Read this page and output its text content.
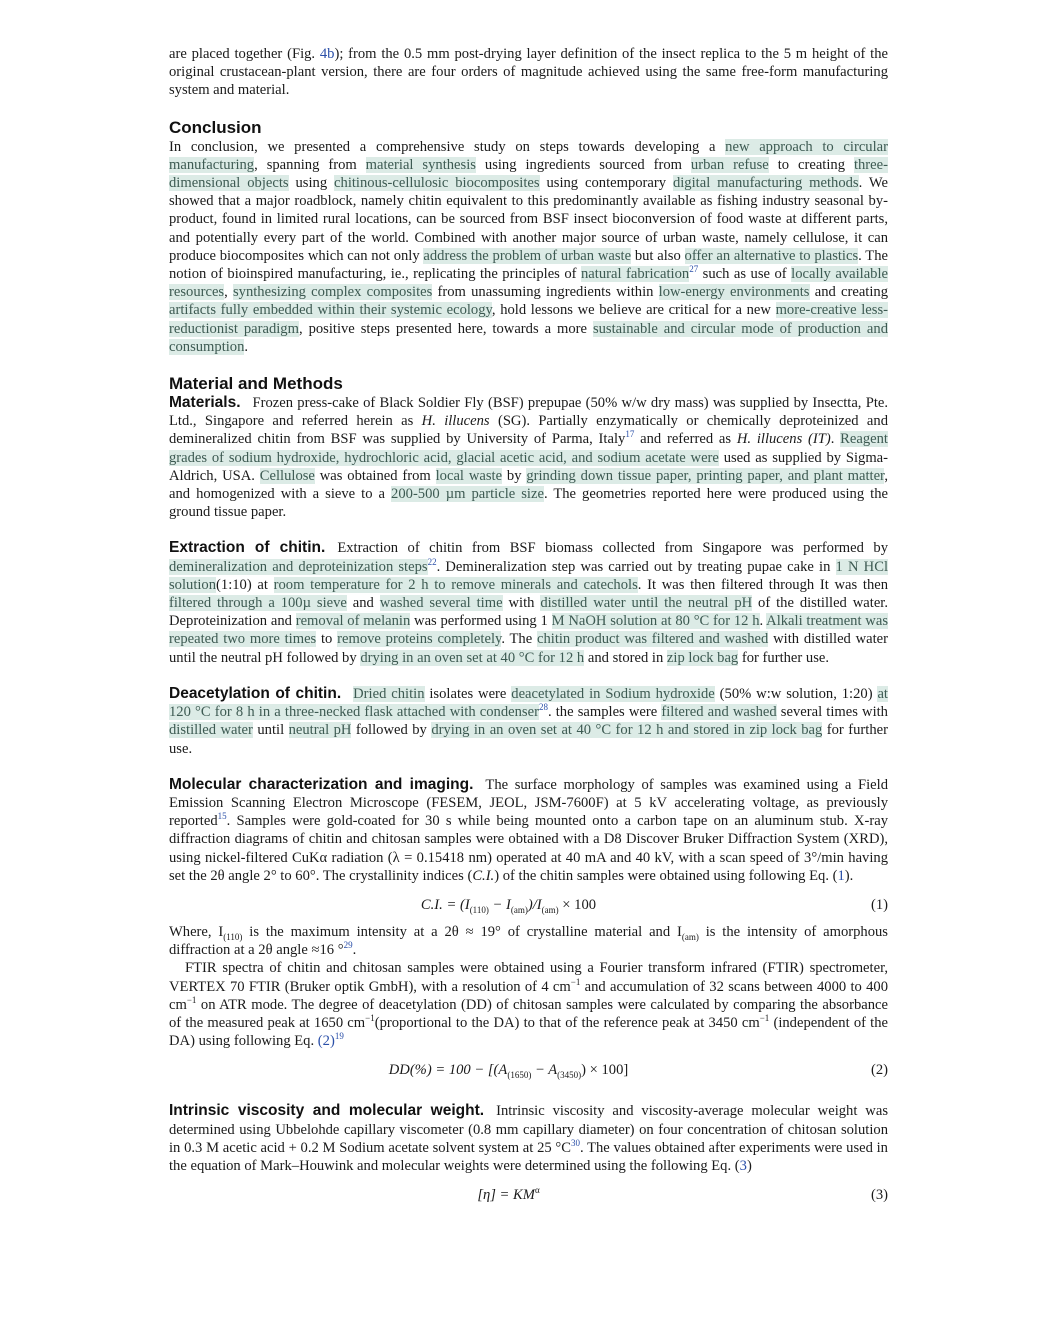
are placed together (Fig. 4b); from the 0.5 mm post-drying layer definition of the insect replica to the 5 m height of the original crustacean-plant version, there are four orders of magnitude achieved using the same free-form manufacturing system and material.

Conclusion

In conclusion, we presented a comprehensive study on steps towards developing a new approach to circular manufacturing, spanning from material synthesis using ingredients sourced from urban refuse to creating three-dimensional objects using chitinous-cellulosic biocomposites using contemporary digital manufacturing methods. We showed that a major roadblock, namely chitin equivalent to this predominantly available as fishing industry seasonal by-product, found in limited rural locations, can be sourced from BSF insect bioconversion of food waste at different parts, and potentially every part of the world. Combined with another major source of urban waste, namely cellulose, it can produce biocomposites which can not only address the problem of urban waste but also offer an alternative to plastics. The notion of bioinspired manufacturing, ie., replicating the principles of natural fabrication$^{27}$ such as use of locally available resources, synthesizing complex composites from unassuming ingredients within low-energy environments and creating artifacts fully embedded within their systemic ecology, hold lessons we believe are critical for a new more-creative less-reductionist paradigm, positive steps presented here, towards a more sustainable and circular mode of production and consumption.

Material and Methods

Materials. Frozen press-cake of Black Soldier Fly (BSF) prepupae (50% w/w dry mass) was supplied by Insectta, Pte. Ltd., Singapore and referred herein as H. illucens (SG). Partially enzymatically or chemically deproteinized and demineralized chitin from BSF was supplied by University of Parma, Italy$^{17}$ and referred as H. illucens (IT). Reagent grades of sodium hydroxide, hydrochloric acid, glacial acetic acid, and sodium acetate were used as supplied by Sigma-Aldrich, USA. Cellulose was obtained from local waste by grinding down tissue paper, printing paper, and plant matter, and homogenized with a sieve to a 200-500 µm particle size. The geometries reported here were produced using the ground tissue paper.

Extraction of chitin. Extraction of chitin from BSF biomass collected from Singapore was performed by demineralization and deproteinization steps$^{22}$. Demineralization step was carried out by treating pupae cake in 1 N HCl solution(1:10) at room temperature for 2 h to remove minerals and catechols. It was then filtered through It was then filtered through a 100µ sieve and washed several time with distilled water until the neutral pH of the distilled water. Deproteinization and removal of melanin was performed using 1 M NaOH solution at 80 °C for 12 h. Alkali treatment was repeated two more times to remove proteins completely. The chitin product was filtered and washed with distilled water until the neutral pH followed by drying in an oven set at 40 °C for 12 h and stored in zip lock bag for further use.

Deacetylation of chitin. Dried chitin isolates were deacetylated in Sodium hydroxide (50% w:w solution, 1:20) at 120 °C for 8 h in a three-necked flask attached with condenser$^{28}$. the samples were filtered and washed several times with distilled water until neutral pH followed by drying in an oven set at 40 °C for 12 h and stored in zip lock bag for further use.

Molecular characterization and imaging. The surface morphology of samples was examined using a Field Emission Scanning Electron Microscope (FESEM, JEOL, JSM-7600F) at 5 kV accelerating voltage, as previously reported$^{15}$. Samples were gold-coated for 30 s while being mounted onto a carbon tape on an aluminum stub. X-ray diffraction diagrams of chitin and chitosan samples were obtained with a D8 Discover Bruker Diffraction System (XRD), using nickel-filtered CuKα radiation (λ = 0.15418 nm) operated at 40 mA and 40 kV, with a scan speed of 3°/min having set the 2θ angle 2° to 60°. The crystallinity indices (C.I.) of the chitin samples were obtained using following Eq. (1).

C.I. = $(I_{(110)} - I_{(am)})/I_{(am)} \times 100$	(1)

Where, $I_{(110)}$ is the maximum intensity at a 2θ ≈ 19° of crystalline material and $I_{(am)}$ is the intensity of amorphous diffraction at a 2θ angle ≈16 °$^{29}$.

FTIR spectra of chitin and chitosan samples were obtained using a Fourier transform infrared (FTIR) spectrometer, VERTEX 70 FTIR (Bruker optik GmbH), with a resolution of 4 $cm^{-1}$ and accumulation of 32 scans between 4000 to 400 $cm^{-1}$ on ATR mode. The degree of deacetylation (DD) of chitosan samples were calculated by comparing the absorbance of the measured peak at 1650 $cm^{-1}(proportional$ to the DA) to that of the reference peak at 3450 $cm^{-1}$ (independent of the DA) using following Eq. (2)$^{19}$

$DD(\%) = 100 - [(A_{(1650)} - A_{(3450)}) \times 100]$	(2)

Intrinsic viscosity and molecular weight. Intrinsic viscosity and viscosity-average molecular weight was determined using Ubbelohde capillary viscometer (0.8 mm capillary diameter) on four concentration of chitosan solution in 0.3 M acetic acid + 0.2 M Sodium acetate solvent system at 25 °C$^{30}$. The values obtained after experiments were used in the equation of Mark–Houwink and molecular weights were determined using the following Eq. (3)

$[\eta] = KM^\alpha$	(3)
